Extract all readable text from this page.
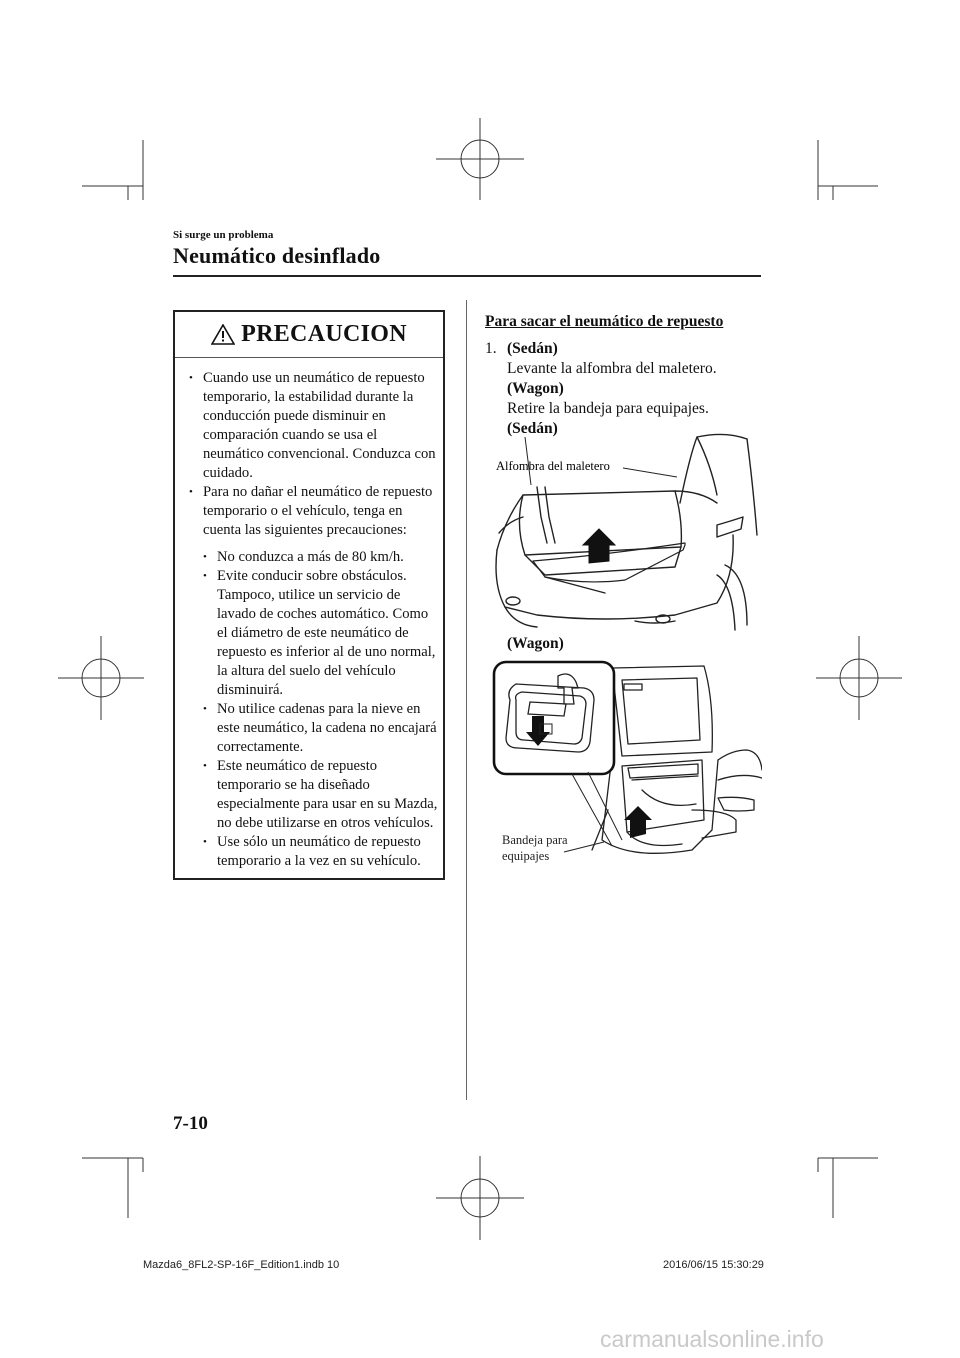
Si surge un problema
Neumático desinflado
PRECAUCION
• Cuando use un neumático de repuesto temporario, la estabilidad durante la conducción puede disminuir en comparación cuando se usa el neumático convencional. Conduzca con cuidado.
• Para no dañar el neumático de repuesto temporario o el vehículo, tenga en cuenta las siguientes precauciones:
• No conduzca a más de 80 km/h.
• Evite conducir sobre obstáculos. Tampoco, utilice un servicio de lavado de coches automático. Como el diámetro de este neumático de repuesto es inferior al de uno normal, la altura del suelo del vehículo disminuirá.
• No utilice cadenas para la nieve en este neumático, la cadena no encajará correctamente.
• Este neumático de repuesto temporario se ha diseñado especialmente para usar en su Mazda, no debe utilizarse en otros vehículos.
• Use sólo un neumático de repuesto temporario a la vez en su vehículo.
Para sacar el neumático de repuesto
1. (Sedán)
Levante la alfombra del maletero.
(Wagon)
Retire la bandeja para equipajes.
(Sedán)
Alfombra del maletero
(Wagon)
Bandeja para
equipajes
7-10
Mazda6_8FL2-SP-16F_Edition1.indb 10	2016/06/15 15:30:29
carmanualsonline.info
